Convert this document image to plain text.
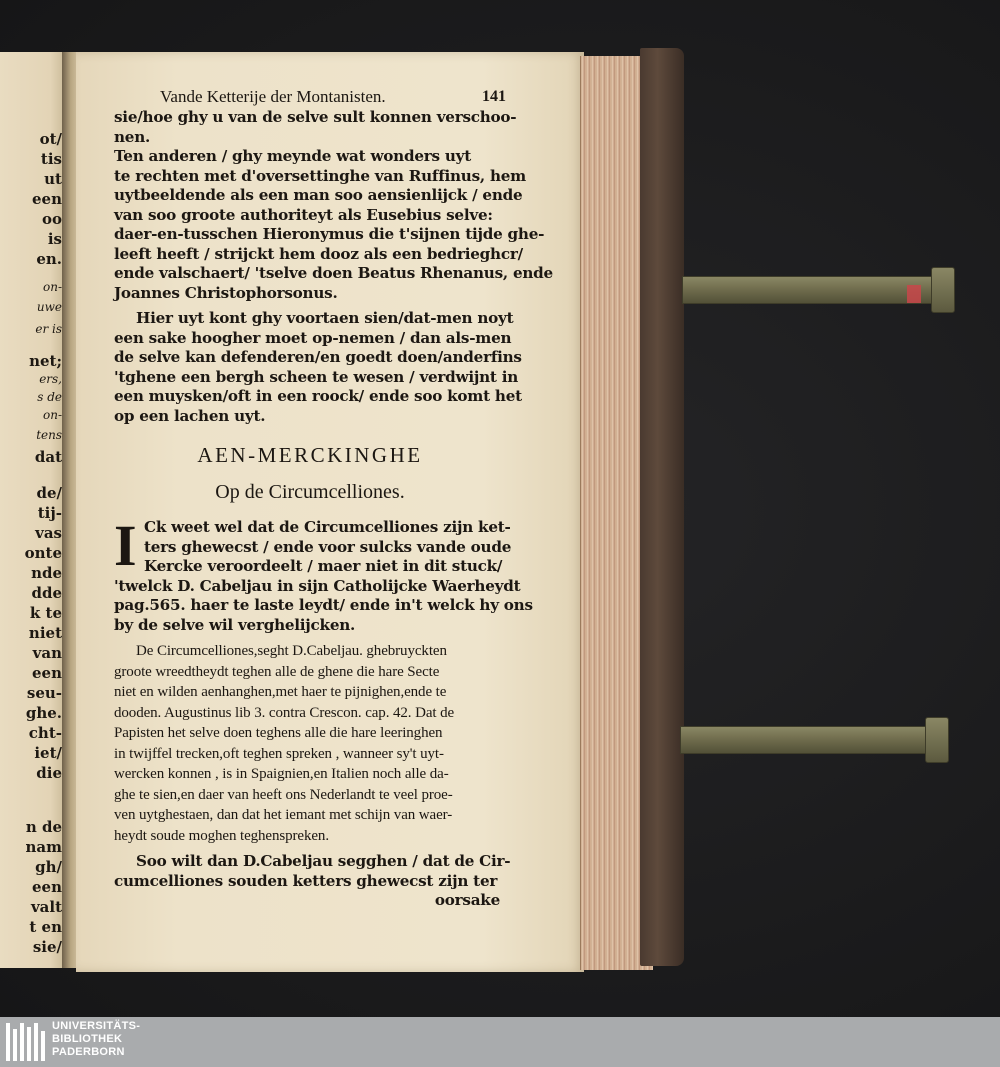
ot/
tis
ut
een
oo
is
en.
on-
uwe
er is
net;
ers,
s de
on-
tens
dat
de/
tij-
vas
onte
nde
dde
k te
niet
van
een
seu-
ghe.
cht-
iet/
die
n de
nam
gh/
een
valt
t en
sie/
Vande Ketterije der Montanisten.	141
sie/hoe ghy u van de selve sult konnen verschoo-
nen.
Ten anderen / ghy meynde wat wonders uyt
te rechten met d'oversettinghe van Ruffinus, hem
uytbeeldende als een man soo aensienlijck / ende
van soo groote authoriteyt als Eusebius selve:
daer-en-tusschen Hieronymus die t'sijnen tijde ghe-
leeft heeft / strijckt hem dooz als een bedrieghcr/
ende valschaert/ 'tselve doen Beatus Rhenanus, ende
Joannes Christophorsonus.
Hier uyt kont ghy voortaen sien/dat-men noyt
een sake hoogher moet op-nemen / dan als-men
de selve kan defenderen/en goedt doen/anderfins
'tghene een bergh scheen te wesen / verdwijnt in
een muysken/oft in een roock/ ende soo komt het
op een lachen uyt.
AEN-MERCKINGHE
Op de Circumcelliones.
I Ck weet wel dat de Circumcelliones zijn ket-
ters ghewecst / ende voor sulcks vande oude
Kercke veroordeelt / maer niet in dit stuck/
'twelck D. Cabeljau in sijn Catholijcke Waerheydt
pag.565. haer te laste leydt/ ende in't welck hy ons
by de selve wil verghelijcken.
De Circumcelliones,seght D.Cabeljau. ghebruyckten
groote wreedtheydt teghen alle de ghene die hare Secte
niet en wilden aenhanghen,met haer te pijnighen,ende te
dooden. Augustinus lib 3. contra Crescon. cap. 42. Dat de
Papisten het selve doen teghens alle die hare leeringhen
in twijffel trecken,oft teghen spreken , wanneer sy't uyt-
wercken konnen , is in Spaignien,en Italien noch alle da-
ghe te sien,en daer van heeft ons Nederlandt te veel proe-
ven uytghestaen, dan dat het iemant met schijn van waer-
heydt soude moghen teghenspreken.
Soo wilt dan D.Cabeljau segghen / dat de Cir-
cumcelliones souden ketters ghewecst zijn ter
oorsake
UNIVERSITÄTS-
BIBLIOTHEK
PADERBORN
